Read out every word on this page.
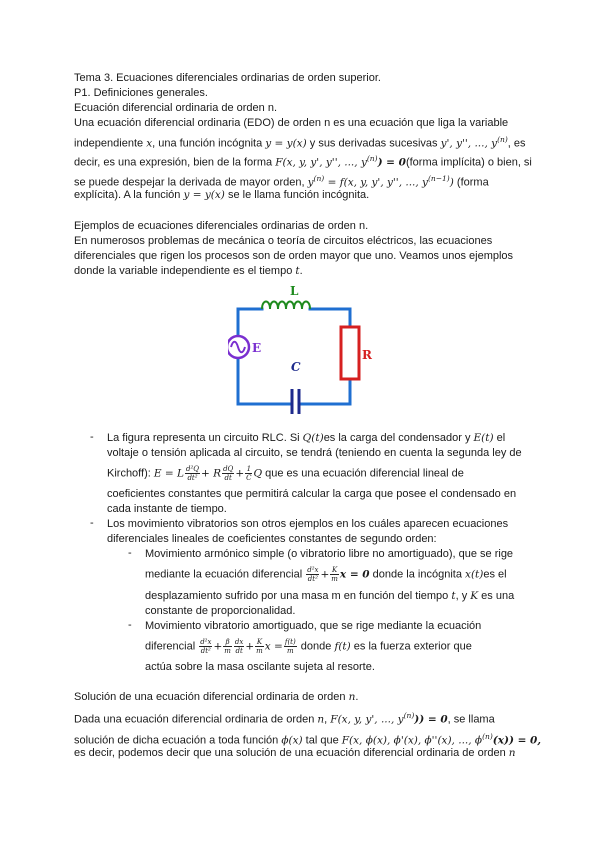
Tema 3. Ecuaciones diferenciales ordinarias de orden superior.
P1. Definiciones generales.
Ecuación diferencial ordinaria de orden n.
Una ecuación diferencial ordinaria (EDO) de orden n es una ecuación que liga la variable
independiente x, una función incógnita y = y(x) y sus derivadas sucesivas y', y'', ..., $y^{(n)}$, es
decir, es una expresión, bien de la forma F(x, y, y', y'', ..., $y^{(n)}$) = 0(forma implícita) o bien, si
se puede despejar la derivada de mayor orden, $y^{(n)} = f(x$, y, y', y'', ..., $y^{(n-1)}$) (forma
explícita). A la función y = y(x) se le llama función incógnita.
Ejemplos de ecuaciones diferenciales ordinarias de orden n.
En numerosos problemas de mecánica o teoría de circuitos eléctricos, las ecuaciones
diferenciales que rigen los procesos son de orden mayor que uno. Veamos unos ejemplos
donde la variable independiente es el tiempo t.
L
R
C
E
- La figura representa un circuito RLC. Si Q(t)es la carga del condensador y E(t) el
voltaje o tensión aplicada al circuito, se tendrá (teniendo en cuenta la segunda ley de
Kirchoff): E = L $\frac{\text{d²Q}}{\text{dt²}} + R \frac{dQ}{dt} + \frac{1}{C}$ Q que es una ecuación diferencial lineal de
coeficientes constantes que permitirá calcular la carga que posee el condensado en
cada instante de tiempo.
- Los movimiento vibratorios son otros ejemplos en los cuáles aparecen ecuaciones
diferenciales lineales de coeficientes constantes de segundo orden:
- Movimiento armónico simple (o vibratorio libre no amortiguado), que se rige
mediante la ecuación diferencial $\frac{\text{d²x}}{\text{dt²}} + \frac{K}{m}$ x = 0 donde la incógnita x(t)es el
desplazamiento sufrido por una masa m en función del tiempo t, y K es una
constante de proporcionalidad.
- Movimiento vibratorio amortiguado, que se rige mediante la ecuación
diferencial $\frac{\text{d²x}}{\text{dt²}} + \frac{\beta}{m} \frac{dx}{dt} + \frac{K}{m}$ $x = \frac{f(t)}{m}$ donde f(t) es la fuerza exterior que
actúa sobre la masa oscilante sujeta al resorte.
Solución de una ecuación diferencial ordinaria de orden n.
Dada una ecuación diferencial ordinaria de orden n, F(x, y, y', ..., $y^{(n)})) = 0$, se llama
solución de dicha ecuación a toda función ϕ(x) tal que F(x, ϕ(x), ϕ'(x), ϕ''(x), ..., $\phi^{(n)}(x)) = 0$,
es decir, podemos decir que una solución de una ecuación diferencial ordinaria de orden n
